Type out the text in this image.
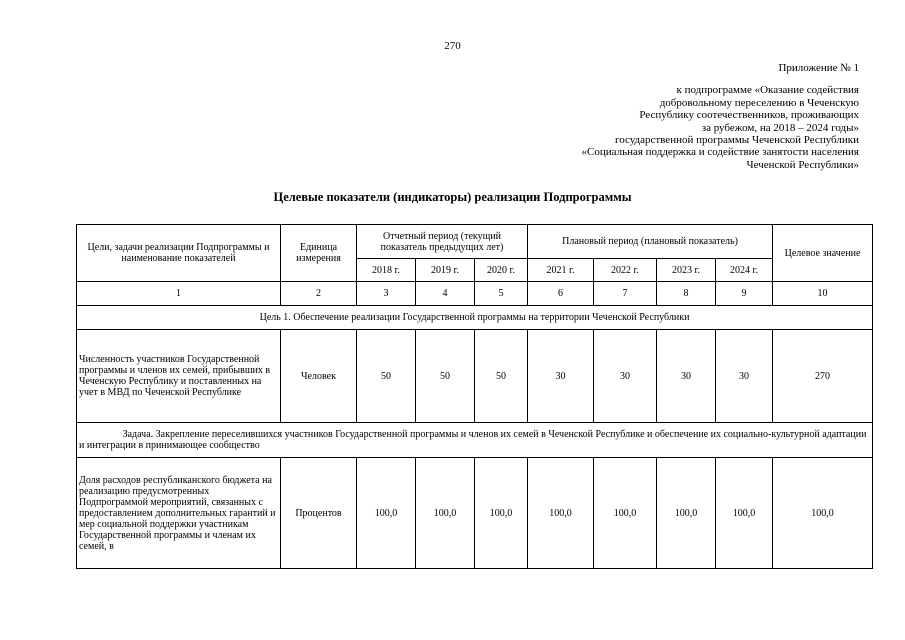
270
Приложение № 1
к подпрограмме «Оказание содействия
добровольному переселению в Чеченскую
Республику соотечественников, проживающих
за рубежом, на 2018 – 2024 годы»
государственной программы Чеченской Республики
«Социальная поддержка и содействие занятости населения
Чеченской Республики»
Целевые показатели (индикаторы) реализации Подпрограммы
Цели, задачи реализации Подпрограммы и наименование показателей	Единица измерения	Отчетный период (текущий показатель предыдущих лет)			Плановый период (плановый показатель)				Целевое значение
		2018 г.	2019 г.	2020 г.	2021 г.	2022 г.	2023 г.	2024 г.	
1	2	3	4	5	6	7	8	9	10
Цель 1. Обеспечение реализации Государственной программы на территории Чеченской Республики									
Численность участников Государственной программы и членов их семей, прибывших в Чеченскую Республику и поставленных на учет в МВД по Чеченской Республике	Человек	50	50	50	30	30	30	30	270
Задача. Закрепление переселившихся участников Государственной программы и членов их семей в Чеченской Республике и обеспечение их социально-культурной адаптации и интеграции в принимающее сообщество									
Доля расходов республиканского бюджета на реализацию предусмотренных Подпрограммой мероприятий, связанных с предоставлением дополнительных гарантий и мер социальной поддержки участникам Государственной программы и членам их семей, в	Процентов	100,0	100,0	100,0	100,0	100,0	100,0	100,0	100,0
